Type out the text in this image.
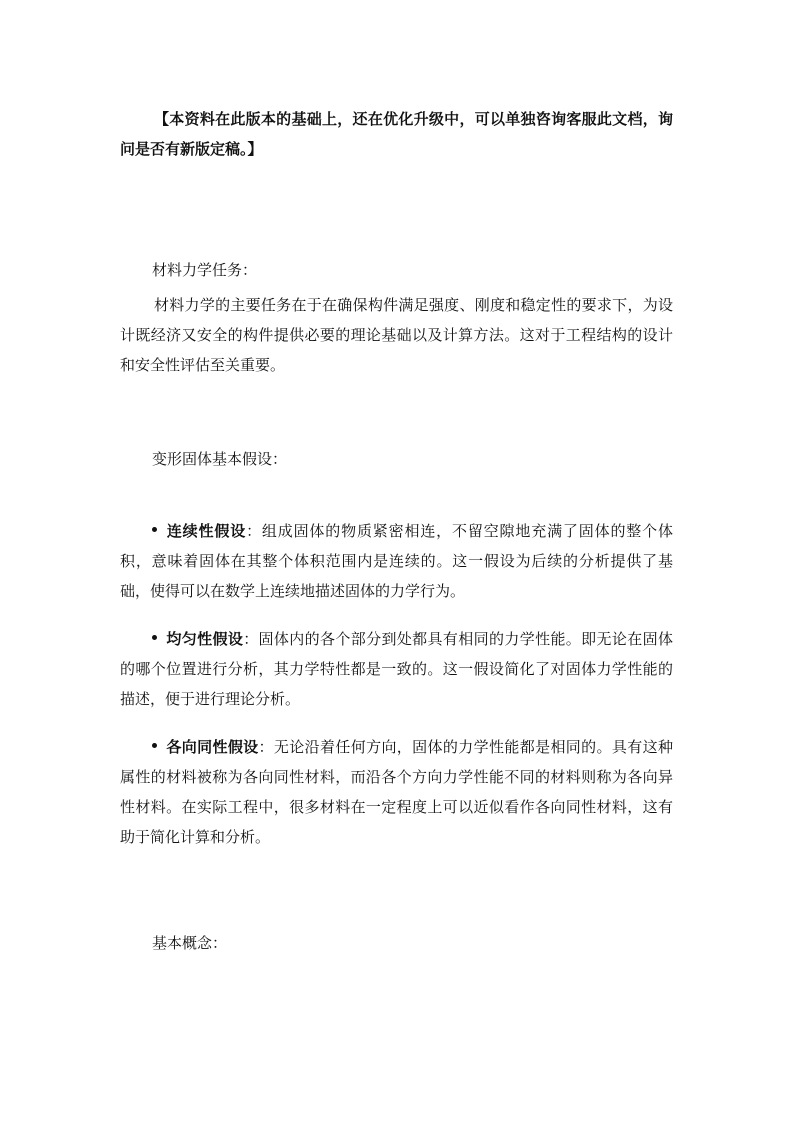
【本资料在此版本的基础上，还在优化升级中，可以单独咨询客服此文档，询问是否有新版定稿。】

材料力学任务：

材料力学的主要任务在于在确保构件满足强度、刚度和稳定性的要求下，为设计既经济又安全的构件提供必要的理论基础以及计算方法。这对于工程结构的设计和安全性评估至关重要。

变形固体基本假设：

连续性假设：组成固体的物质紧密相连，不留空隙地充满了固体的整个体积，意味着固体在其整个体积范围内是连续的。这一假设为后续的分析提供了基础，使得可以在数学上连续地描述固体的力学行为。

均匀性假设：固体内的各个部分到处都具有相同的力学性能。即无论在固体的哪个位置进行分析，其力学特性都是一致的。这一假设简化了对固体力学性能的描述，便于进行理论分析。

各向同性假设：无论沿着任何方向，固体的力学性能都是相同的。具有这种属性的材料被称为各向同性材料，而沿各个方向力学性能不同的材料则称为各向异性材料。在实际工程中，很多材料在一定程度上可以近似看作各向同性材料，这有助于简化计算和分析。

基本概念：
